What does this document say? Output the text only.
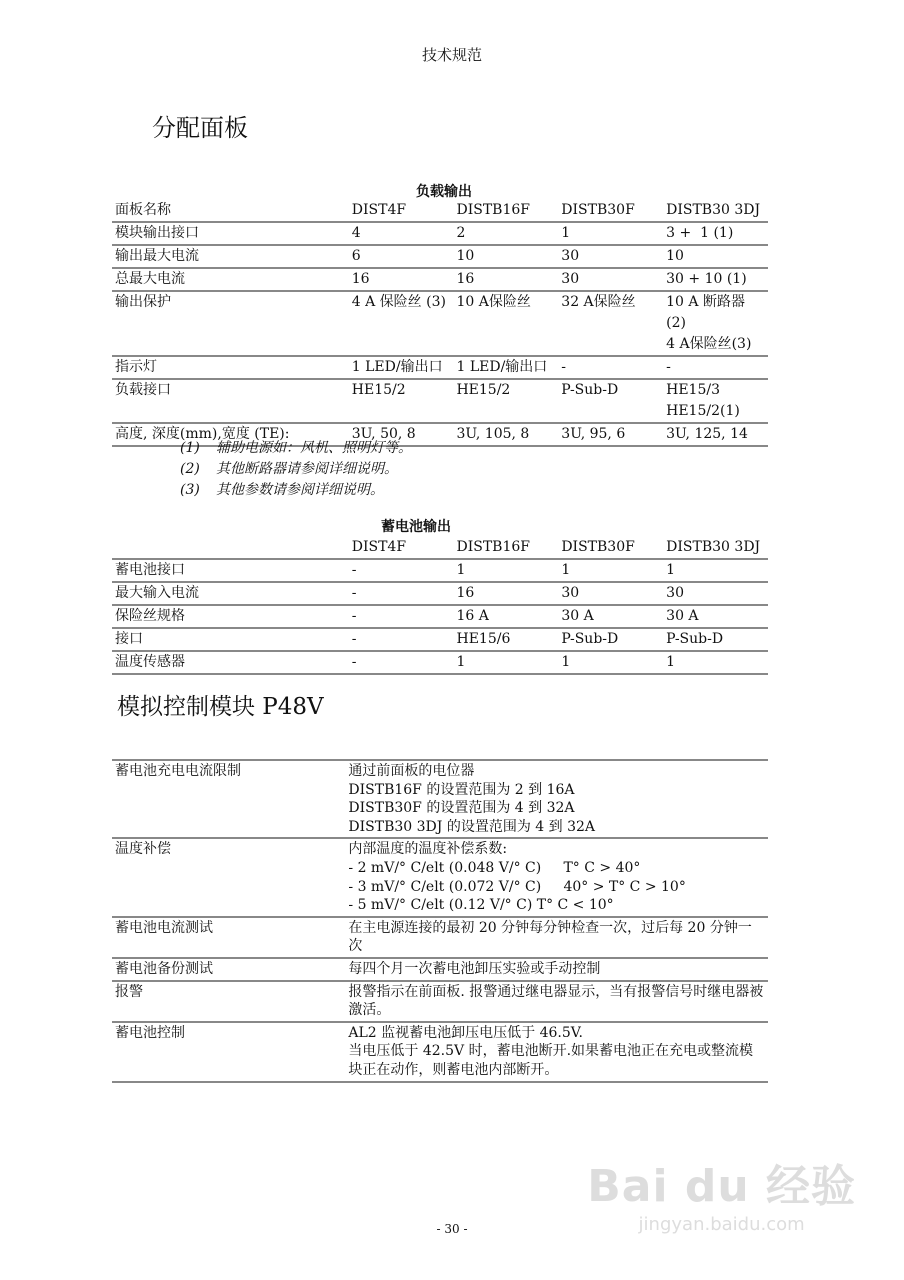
技术规范
分配面板
负载输出
面板名称	DIST4F	DISTB16F	DISTB30F	DISTB30 3DJ
模块输出接口	4	2	1	3 +  1 (1)
输出最大电流	6	10	30	10
总最大电流	16	16	30	30 + 10 (1)
输出保护	4 A 保险丝 (3)	10 A保险丝	32 A保险丝	10 A 断路器 (2)
4 A保险丝(3)
指示灯	1 LED/输出口	1 LED/输出口	-	-
负载接口	HE15/2	HE15/2	P-Sub-D	HE15/3
HE15/2(1)
高度, 深度(mm),宽度 (TE):	3U, 50, 8	3U, 105, 8	3U, 95, 6	3U, 125, 14
(1) 辅助电源如：风机、照明灯等。
(2) 其他断路器请参阅详细说明。
(3) 其他参数请参阅详细说明。
蓄电池输出
	DIST4F	DISTB16F	DISTB30F	DISTB30 3DJ
蓄电池接口	-	1	1	1
最大输入电流	-	16	30	30
保险丝规格	-	16 A	30 A	30 A
接口	-	HE15/6	P-Sub-D	P-Sub-D
温度传感器	-	1	1	1
模拟控制模块 P48V
蓄电池充电电流限制	通过前面板的电位器
DISTB16F 的设置范围为 2 到 16A
DISTB30F 的设置范围为 4 到 32A
DISTB30 3DJ 的设置范围为 4 到 32A
温度补偿	内部温度的温度补偿系数:
- 2 mV/° C/elt (0.048 V/° C)     T° C > 40°
- 3 mV/° C/elt (0.072 V/° C)     40° > T° C > 10°
- 5 mV/° C/elt (0.12 V/° C) T° C < 10°
蓄电池电流测试	在主电源连接的最初 20 分钟每分钟检查一次，过后每 20 分钟一次
蓄电池备份测试	每四个月一次蓄电池卸压实验或手动控制
报警	报警指示在前面板. 报警通过继电器显示，当有报警信号时继电器被激活。
蓄电池控制	AL2 监视蓄电池卸压电压低于 46.5V.
当电压低于 42.5V 时，蓄电池断开.如果蓄电池正在充电或整流模块正在动作，则蓄电池内部断开。
- 30 -
Bai du 经验
jingyan.baidu.com
